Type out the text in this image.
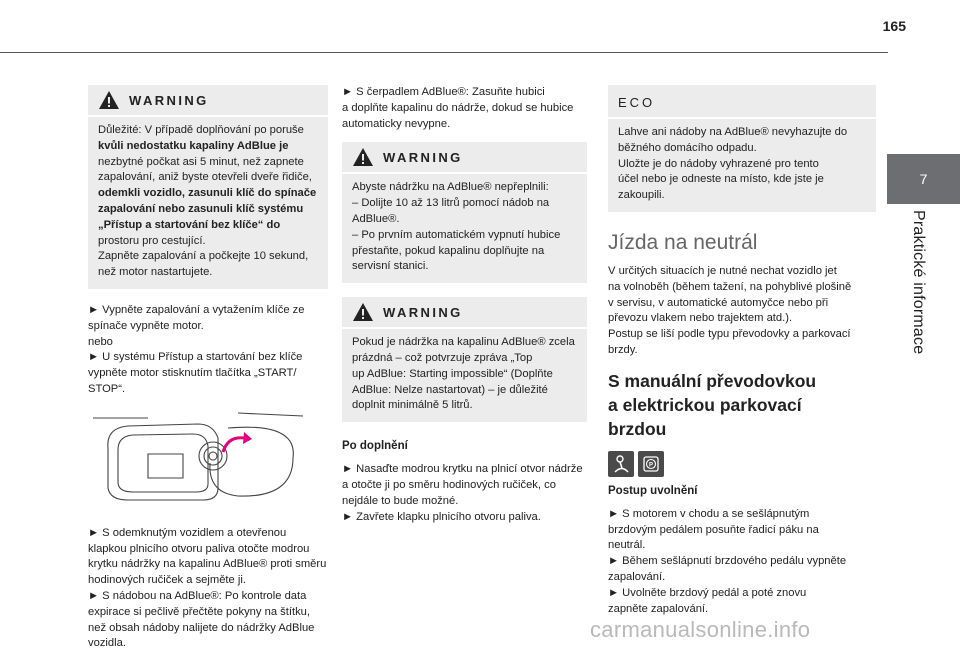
165
7
Praktické informace
WARNING

Důležité: V případě doplňování po poruše
kvůli nedostatku kapaliny AdBlue je
nezbytné počkat asi 5 minut, než zapnete
zapalování, aniž byste otevřeli dveře řidiče,
odemkli vozidlo, zasunuli klíč do spínače
zapalování nebo zasunuli klíč systému
„Přístup a startování bez klíče“ do
prostoru pro cestující.
Zapněte zapalování a počkejte 10 sekund,
než motor nastartujete.

► Vypněte zapalování a vytažením klíče ze
spínače vypněte motor.
nebo
► U systému Přístup a startování bez klíče
vypněte motor stisknutím tlačítka „START/
STOP“.

► S odemknutým vozidlem a otevřenou
klapkou plnicího otvoru paliva otočte modrou
krytku nádržky na kapalinu AdBlue® proti směru
hodinových ručiček a sejměte ji.
► S nádobou na AdBlue®: Po kontrole data
expirace si pečlivě přečtěte pokyny na štítku,
než obsah nádoby nalijete do nádržky AdBlue
vozidla.

► S čerpadlem AdBlue®: Zasuňte hubici
a doplňte kapalinu do nádrže, dokud se hubice
automaticky nevypne.

WARNING

Abyste nádržku na AdBlue® nepřeplnili:
– Dolijte 10 až 13 litrů pomocí nádob na
AdBlue®.
– Po prvním automatickém vypnutí hubice
přestaňte, pokud kapalinu doplňujte na
servisní stanici.

WARNING

Pokud je nádržka na kapalinu AdBlue® zcela
prázdná – což potvrzuje zpráva „Top
up AdBlue: Starting impossible“ (Doplňte
AdBlue: Nelze nastartovat) – je důležité
doplnit minimálně 5 litrů.

Po doplnění

► Nasaďte modrou krytku na plnicí otvor nádrže
a otočte ji po směru hodinových ručiček, co
nejdále to bude možné.
► Zavřete klapku plnicího otvoru paliva.

ECO

Lahve ani nádoby na AdBlue® nevyhazujte do
běžného domácího odpadu.
Uložte je do nádoby vyhrazené pro tento
účel nebo je odneste na místo, kde jste je
zakoupili.

Jízda na neutrál

V určitých situacích je nutné nechat vozidlo jet
na volnoběh (během tažení, na pohyblivé plošině
v servisu, v automatické automyčce nebo při
převozu vlakem nebo trajektem atd.).
Postup se liší podle typu převodovky a parkovací
brzdy.

S manuální převodovkou
a elektrickou parkovací
brzdou
P
Postup uvolnění

► S motorem v chodu a se sešlápnutým
brzdovým pedálem posuňte řadicí páku na
neutrál.
► Během sešlápnutí brzdového pedálu vypněte
zapalování.
► Uvolněte brzdový pedál a poté znovu
zapněte zapalování.

carmanualsonline.info
